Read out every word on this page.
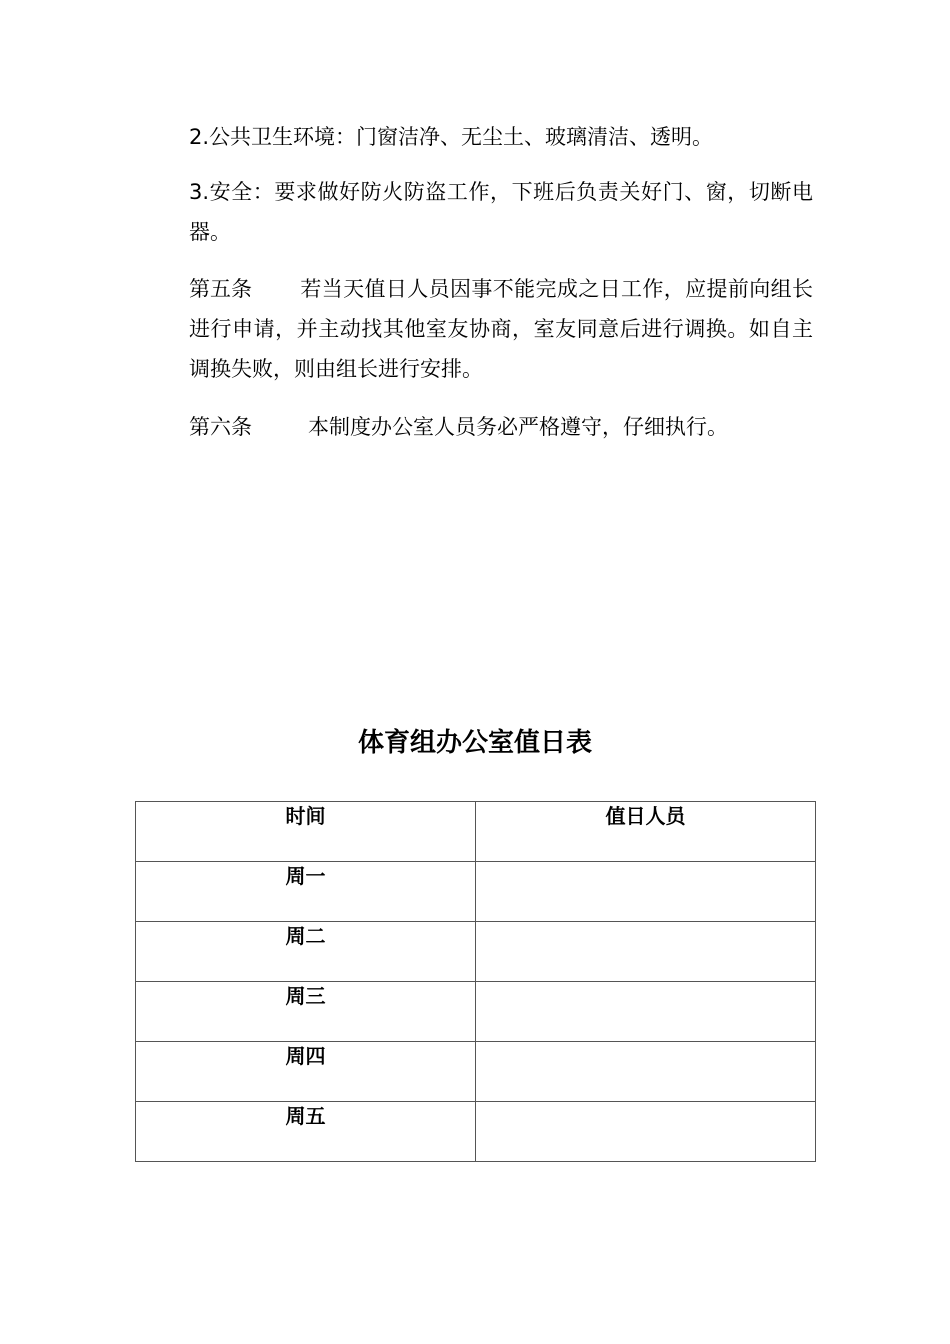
2.公共卫生环境：门窗洁净、无尘土、玻璃清洁、透明。

3.安全：要求做好防火防盗工作，下班后负责关好门、窗，切断电器。

第五条 若当天值日人员因事不能完成之日工作，应提前向组长进行申请，并主动找其他室友协商，室友同意后进行调换。如自主调换失败，则由组长进行安排。

第六条	本制度办公室人员务必严格遵守，仔细执行。

体育组办公室值日表
时间	值日人员

周一	

周二	

周三	

周四	

周五	
